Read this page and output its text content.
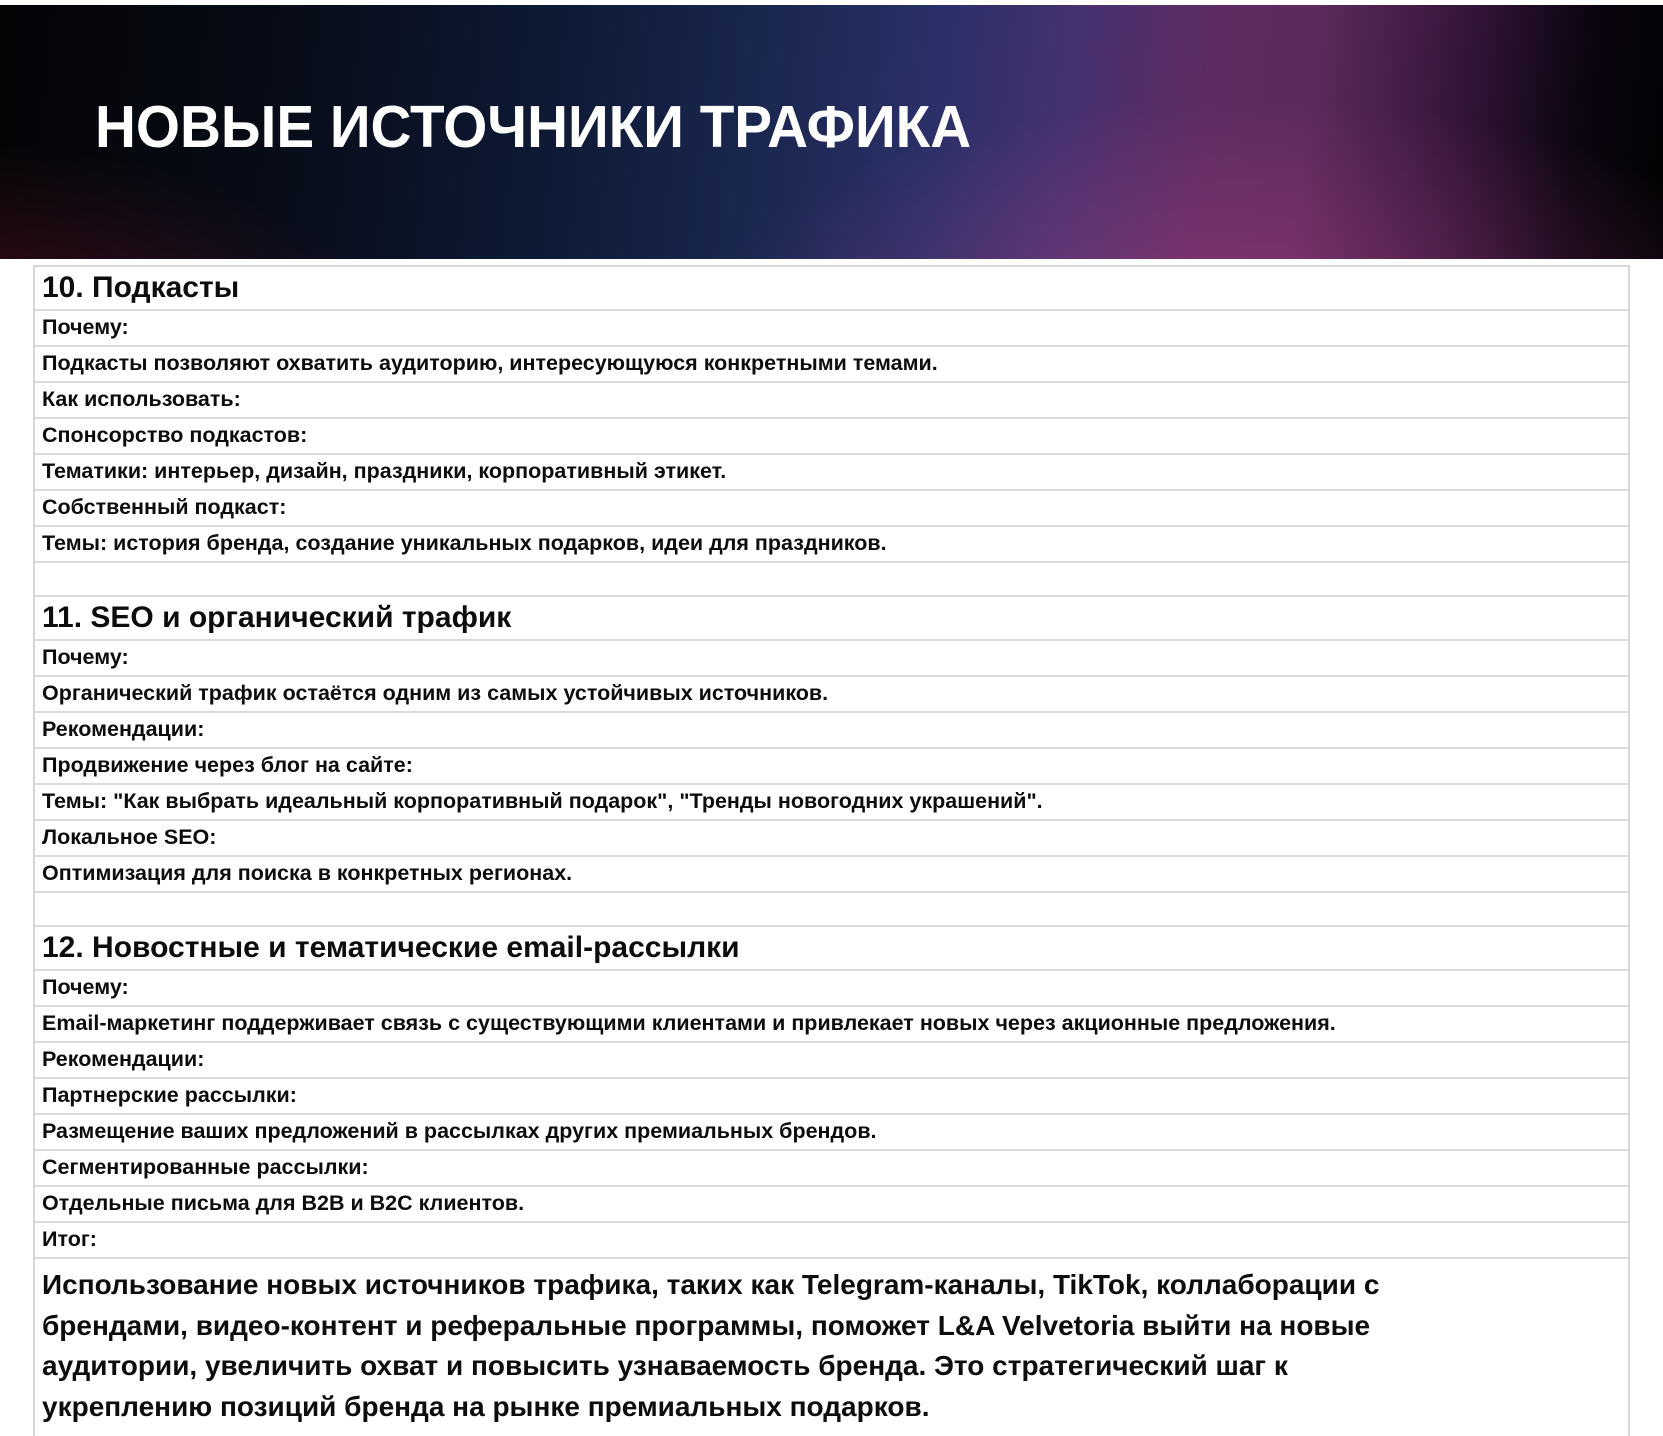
НОВЫЕ ИСТОЧНИКИ ТРАФИКА
10. Подкасты
Почему:
Подкасты позволяют охватить аудиторию, интересующуюся конкретными темами.
Как использовать:
Спонсорство подкастов:
Тематики: интерьер, дизайн, праздники, корпоративный этикет.
Собственный подкаст:
Темы: история бренда, создание уникальных подарков, идеи для праздников.
11. SEO и органический трафик
Почему:
Органический трафик остаётся одним из самых устойчивых источников.
Рекомендации:
Продвижение через блог на сайте:
Темы: "Как выбрать идеальный корпоративный подарок", "Тренды новогодних украшений".
Локальное SEO:
Оптимизация для поиска в конкретных регионах.
12. Новостные и тематические email-рассылки
Почему:
Email-маркетинг поддерживает связь с существующими клиентами и привлекает новых через акционные предложения.
Рекомендации:
Партнерские рассылки:
Размещение ваших предложений в рассылках других премиальных брендов.
Сегментированные рассылки:
Отдельные письма для B2B и B2C клиентов.
Итог:
Использование новых источников трафика, таких как Telegram-каналы, TikTok, коллаборации с
брендами, видео-контент и реферальные программы, поможет L&A Velvetoria выйти на новые
аудитории, увеличить охват и повысить узнаваемость бренда. Это стратегический шаг к
укреплению позиций бренда на рынке премиальных подарков.
